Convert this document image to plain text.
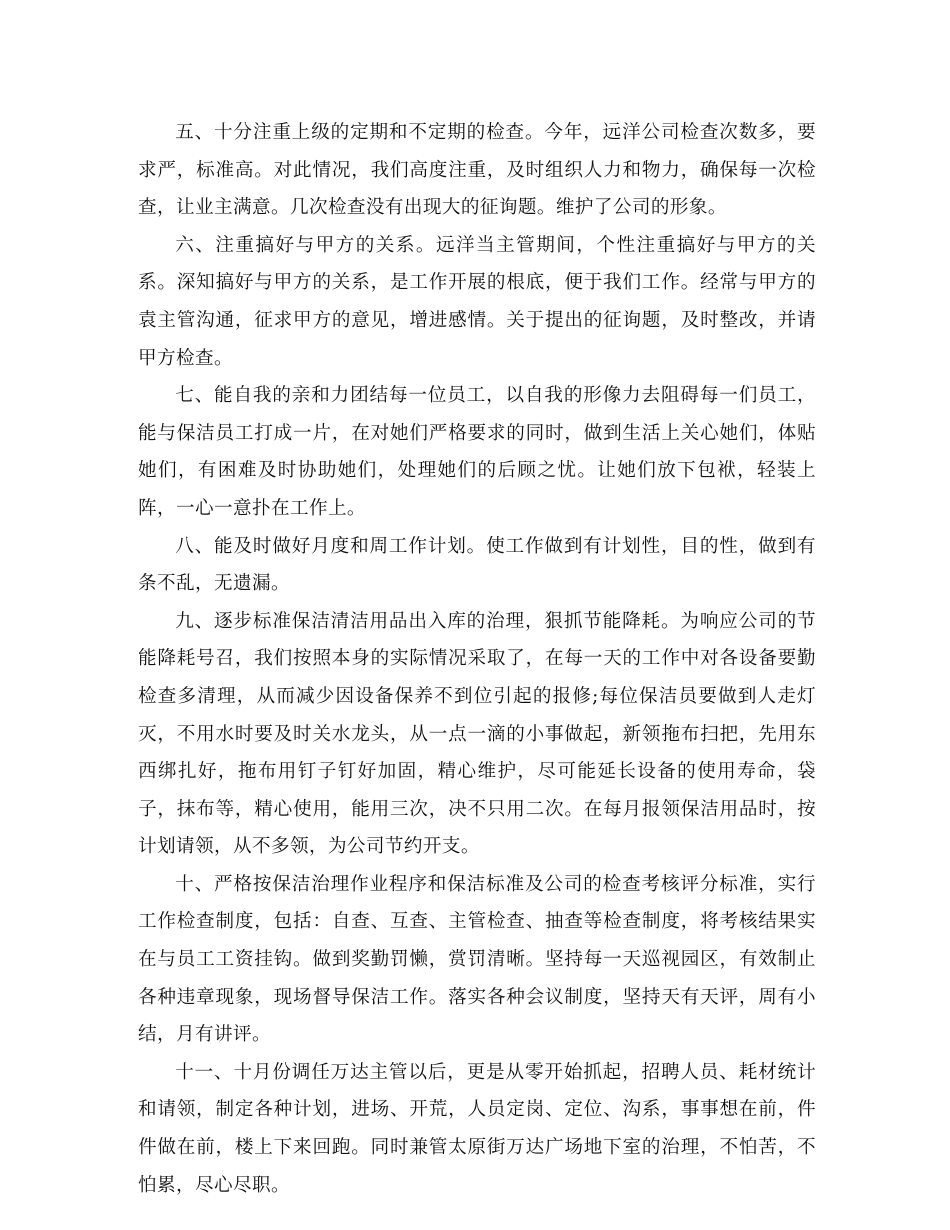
五、十分注重上级的定期和不定期的检查。今年，远洋公司检查次数多，要求严，标准高。对此情况，我们高度注重，及时组织人力和物力，确保每一次检查，让业主满意。几次检查没有出现大的征询题。维护了公司的形象。

六、注重搞好与甲方的关系。远洋当主管期间，个性注重搞好与甲方的关系。深知搞好与甲方的关系，是工作开展的根底，便于我们工作。经常与甲方的袁主管沟通，征求甲方的意见，增进感情。关于提出的征询题，及时整改，并请甲方检查。

七、能自我的亲和力团结每一位员工，以自我的形像力去阻碍每一们员工，能与保洁员工打成一片，在对她们严格要求的同时，做到生活上关心她们，体贴她们，有困难及时协助她们，处理她们的后顾之忧。让她们放下包袱，轻装上阵，一心一意扑在工作上。

八、能及时做好月度和周工作计划。使工作做到有计划性，目的性，做到有条不乱，无遗漏。

九、逐步标准保洁清洁用品出入库的治理，狠抓节能降耗。为响应公司的节能降耗号召，我们按照本身的实际情况采取了，在每一天的工作中对各设备要勤检查多清理，从而减少因设备保养不到位引起的报修;每位保洁员要做到人走灯灭，不用水时要及时关水龙头，从一点一滴的小事做起，新领拖布扫把，先用东西绑扎好，拖布用钉子钉好加固，精心维护，尽可能延长设备的使用寿命，袋子，抹布等，精心使用，能用三次，决不只用二次。在每月报领保洁用品时，按计划请领，从不多领，为公司节约开支。

十、严格按保洁治理作业程序和保洁标准及公司的检查考核评分标准，实行工作检查制度，包括：自查、互查、主管检查、抽查等检查制度，将考核结果实在与员工工资挂钩。做到奖勤罚懒，赏罚清晰。坚持每一天巡视园区，有效制止各种违章现象，现场督导保洁工作。落实各种会议制度，坚持天有天评，周有小结，月有讲评。

十一、十月份调任万达主管以后，更是从零开始抓起，招聘人员、耗材统计和请领，制定各种计划，进场、开荒，人员定岗、定位、沟系，事事想在前，件件做在前，楼上下来回跑。同时兼管太原街万达广场地下室的治理，不怕苦，不怕累，尽心尽职。
